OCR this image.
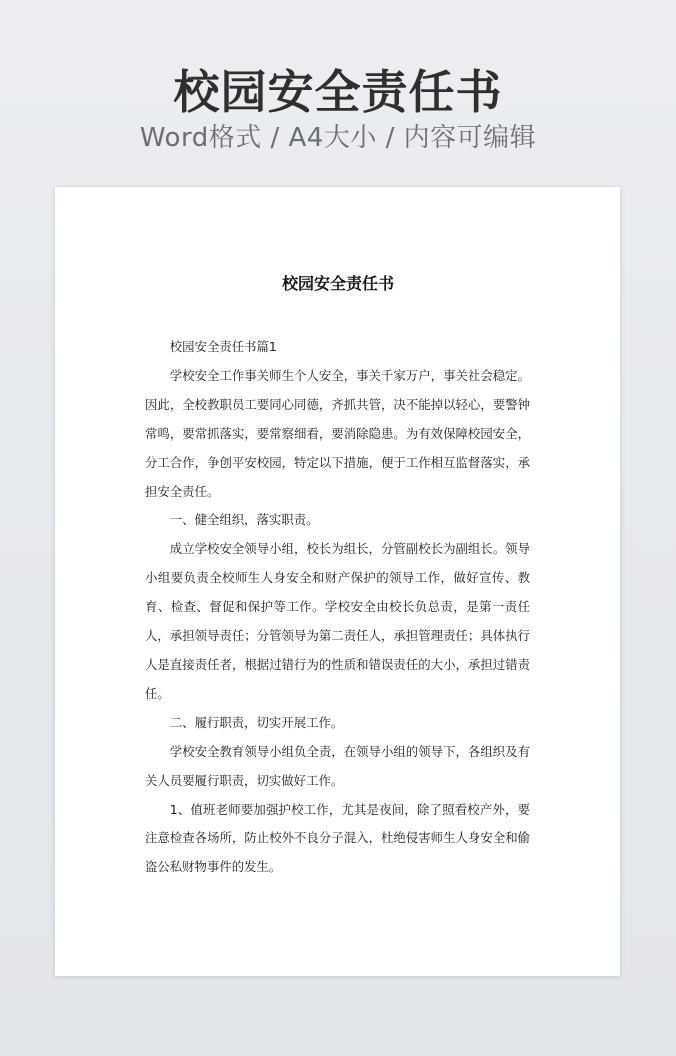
校园安全责任书
Word格式 / A4大小 / 内容可编辑
校园安全责任书

校园安全责任书篇1

学校安全工作事关师生个人安全，事关千家万户，事关社会稳定。因此，全校教职员工要同心同德，齐抓共管，决不能掉以轻心，要警钟常鸣，要常抓落实，要常察细看，要消除隐患。为有效保障校园安全，分工合作，争创平安校园，特定以下措施，便于工作相互监督落实，承担安全责任。

一、健全组织，落实职责。

成立学校安全领导小组，校长为组长，分管副校长为副组长。领导小组要负责全校师生人身安全和财产保护的领导工作，做好宣传、教育、检查、督促和保护等工作。学校安全由校长负总责，是第一责任人，承担领导责任；分管领导为第二责任人，承担管理责任；具体执行人是直接责任者，根据过错行为的性质和错误责任的大小，承担过错责任。

二、履行职责，切实开展工作。

学校安全教育领导小组负全责，在领导小组的领导下，各组织及有关人员要履行职责，切实做好工作。

1、值班老师要加强护校工作，尤其是夜间，除了照看校产外，要注意检查各场所，防止校外不良分子混入，杜绝侵害师生人身安全和偷盗公私财物事件的发生。
